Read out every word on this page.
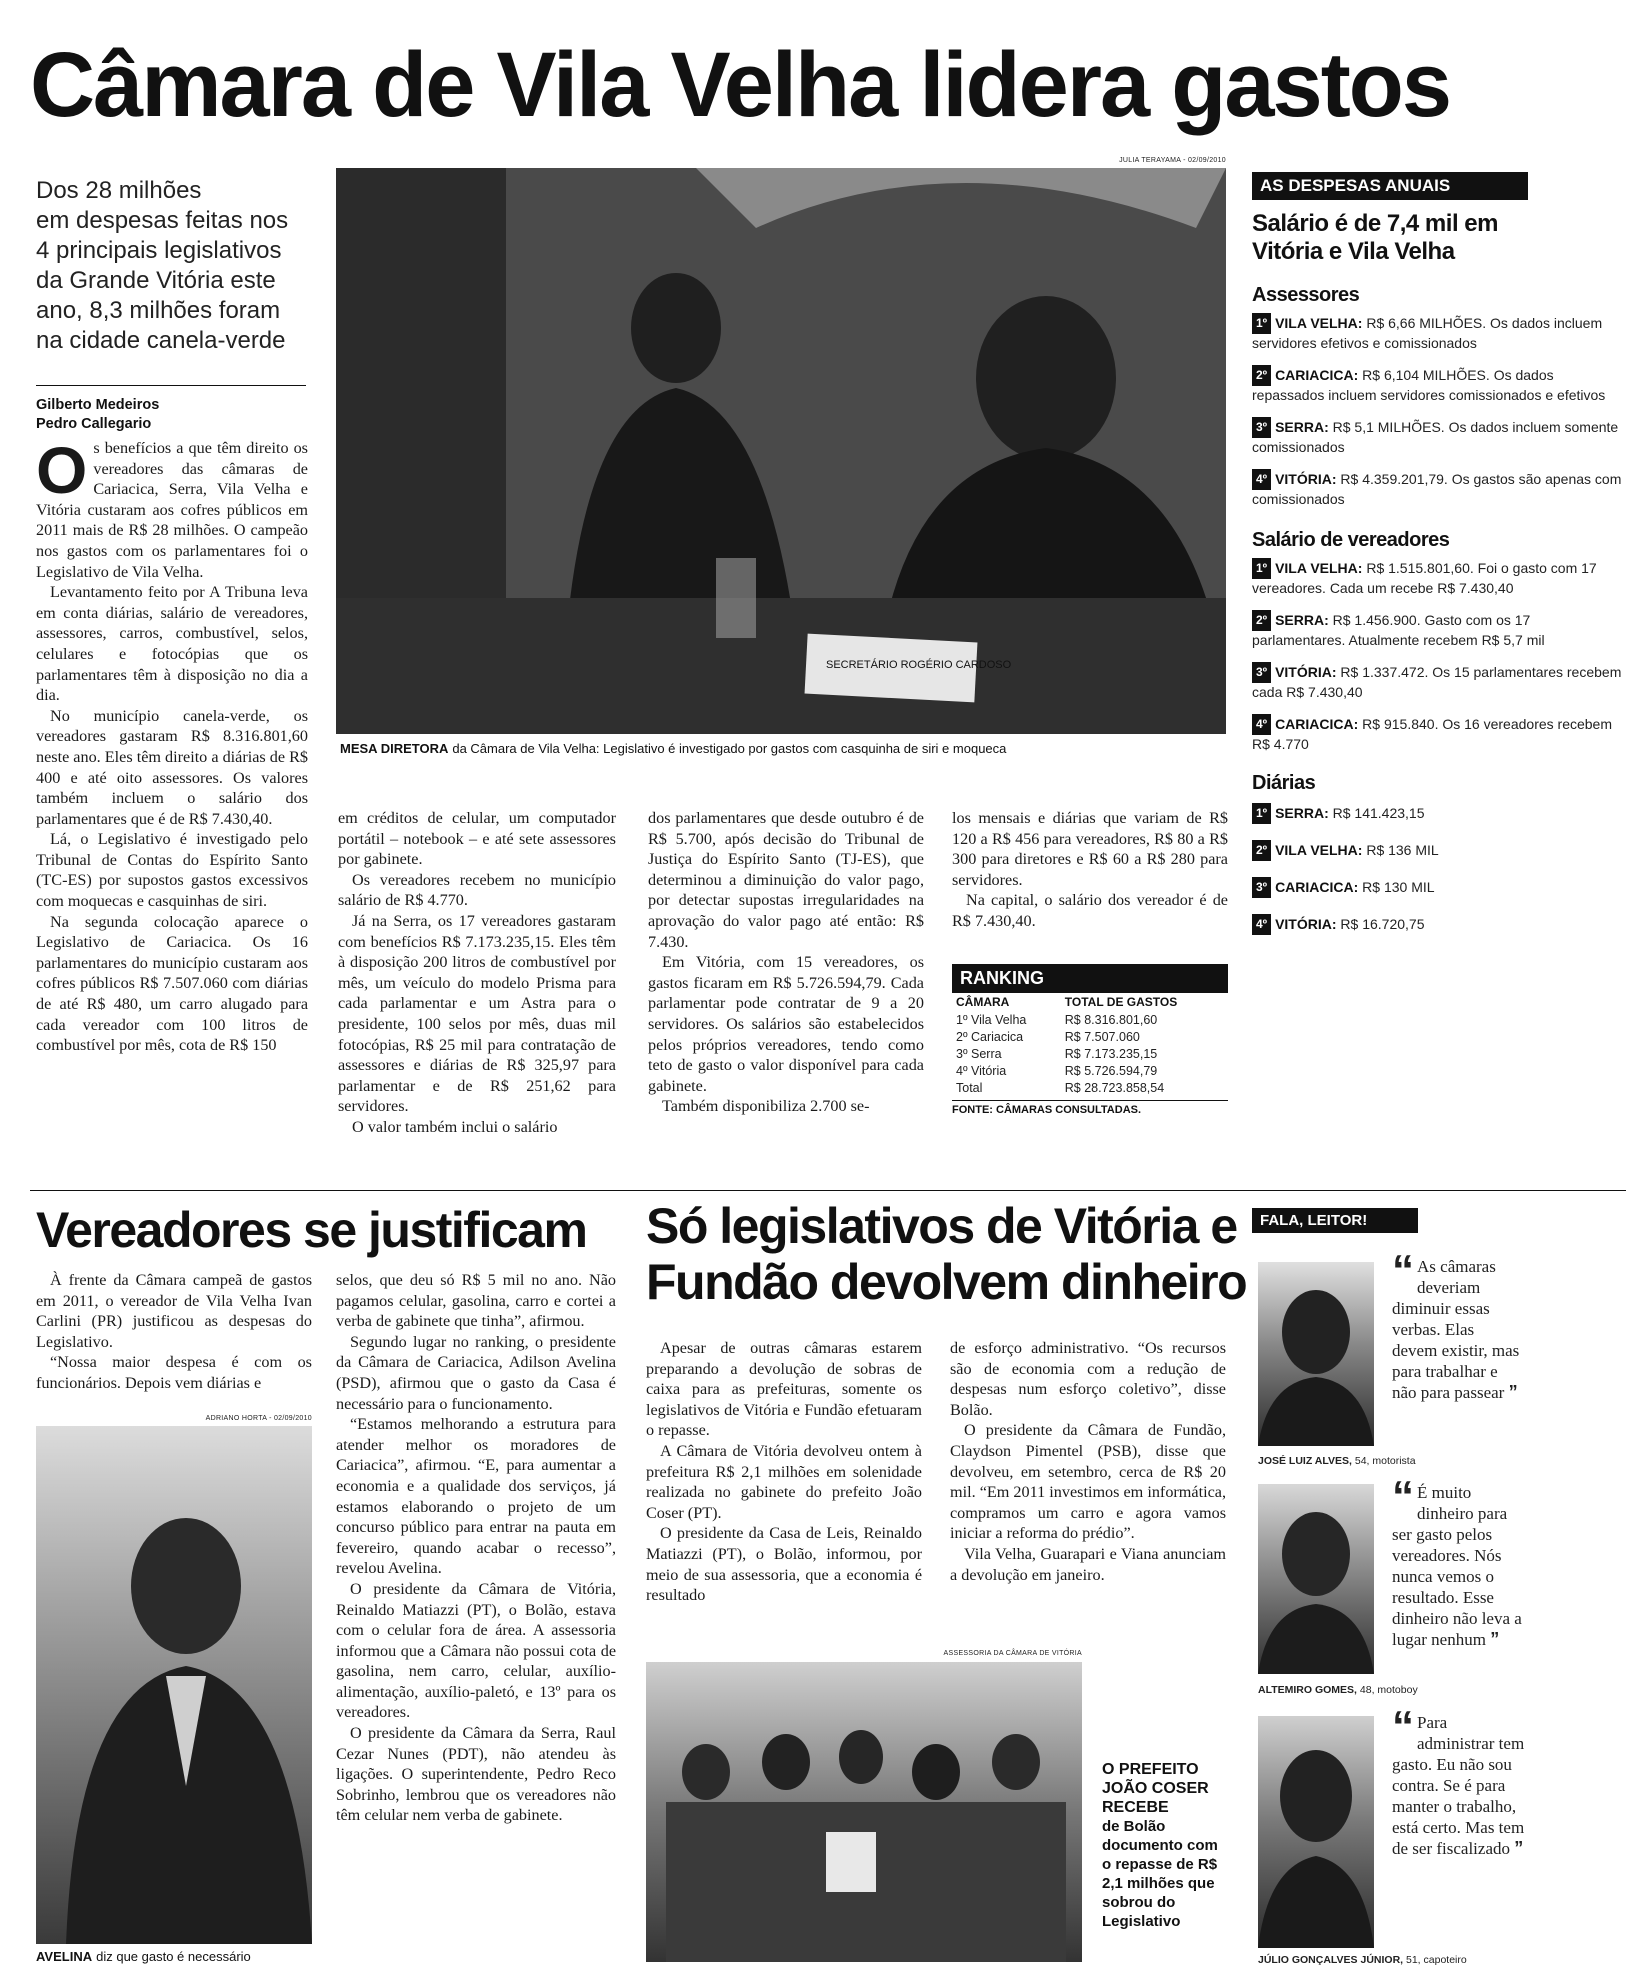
Câmara de Vila Velha lidera gastos
Dos 28 milhões
em despesas feitas nos
4 principais legislativos
da Grande Vitória este
ano, 8,3 milhões foram
na cidade canela-verde
Gilberto Medeiros
Pedro Callegario

Os benefícios a que têm direito os vereadores das câmaras de Cariacica, Serra, Vila Velha e Vitória custaram aos cofres públicos em 2011 mais de R$ 28 milhões. O campeão nos gastos com os parlamentares foi o Legislativo de Vila Velha.

Levantamento feito por A Tribuna leva em conta diárias, salário de vereadores, assessores, carros, combustível, selos, celulares e fotocópias que os parlamentares têm à disposição no dia a dia.

No município canela-verde, os vereadores gastaram R$ 8.316.801,60 neste ano. Eles têm direito a diárias de R$ 400 e até oito assessores. Os valores também incluem o salário dos parlamentares que é de R$ 7.430,40.

Lá, o Legislativo é investigado pelo Tribunal de Contas do Espírito Santo (TC-ES) por supostos gastos excessivos com moquecas e casquinhas de siri.

Na segunda colocação aparece o Legislativo de Cariacica. Os 16 parlamentares do município custaram aos cofres públicos R$ 7.507.060 com diárias de até R$ 480, um carro alugado para cada vereador com 100 litros de combustível por mês, cota de R$ 150

JULIA TERAYAMA - 02/09/2010
SECRETÁRIO ROGÉRIO CARDOSO
MESA DIRETORA da Câmara de Vila Velha: Legislativo é investigado por gastos com casquinha de siri e moqueca

em créditos de celular, um computador portátil – notebook – e até sete assessores por gabinete.

Os vereadores recebem no município salário de R$ 4.770.

Já na Serra, os 17 vereadores gastaram com benefícios R$ 7.173.235,15. Eles têm à disposição 200 litros de combustível por mês, um veículo do modelo Prisma para cada parlamentar e um Astra para o presidente, 100 selos por mês, duas mil fotocópias, R$ 25 mil para contratação de assessores e diárias de R$ 325,97 para parlamentar e de R$ 251,62 para servidores.

O valor também inclui o salário

dos parlamentares que desde outubro é de R$ 5.700, após decisão do Tribunal de Justiça do Espírito Santo (TJ-ES), que determinou a diminuição do valor pago, por detectar supostas irregularidades na aprovação do valor pago até então: R$ 7.430.

Em Vitória, com 15 vereadores, os gastos ficaram em R$ 5.726.594,79. Cada parlamentar pode contratar de 9 a 20 servidores. Os salários são estabelecidos pelos próprios vereadores, tendo como teto de gasto o valor disponível para cada gabinete.

Também disponibiliza 2.700 se-

los mensais e diárias que variam de R$ 120 a R$ 456 para vereadores, R$ 80 a R$ 300 para diretores e R$ 60 a R$ 280 para servidores.

Na capital, o salário dos vereador é de R$ 7.430,40.

RANKING
CÂMARA	TOTAL DE GASTOS
1º Vila Velha	R$ 8.316.801,60
2º Cariacica	R$ 7.507.060
3º Serra	R$ 7.173.235,15
4º Vitória	R$ 5.726.594,79
Total	R$ 28.723.858,54
FONTE: CÂMARAS CONSULTADAS.
AS DESPESAS ANUAIS
Salário é de 7,4 mil em Vitória e Vila Velha
Assessores
1º VILA VELHA: R$ 6,66 MILHÕES. Os dados incluem servidores efetivos e comissionados
2º CARIACICA: R$ 6,104 MILHÕES. Os dados repassados incluem servidores comissionados e efetivos
3º SERRA: R$ 5,1 MILHÕES. Os dados incluem somente comissionados
4º VITÓRIA: R$ 4.359.201,79. Os gastos são apenas com comissionados
Salário de vereadores
1º VILA VELHA: R$ 1.515.801,60. Foi o gasto com 17 vereadores. Cada um recebe R$ 7.430,40
2º SERRA: R$ 1.456.900. Gasto com os 17 parlamentares. Atualmente recebem R$ 5,7 mil
3º VITÓRIA: R$ 1.337.472. Os 15 parlamentares recebem cada R$ 7.430,40
4º CARIACICA: R$ 915.840. Os 16 vereadores recebem R$ 4.770
Diárias
1º SERRA: R$ 141.423,15
2º VILA VELHA: R$ 136 MIL
3º CARIACICA: R$ 130 MIL
4º VITÓRIA: R$ 16.720,75
Vereadores se justificam

À frente da Câmara campeã de gastos em 2011, o vereador de Vila Velha Ivan Carlini (PR) justificou as despesas do Legislativo.

“Nossa maior despesa é com os funcionários. Depois vem diárias e

ADRIANO HORTA - 02/09/2010
AVELINA diz que gasto é necessário

selos, que deu só R$ 5 mil no ano. Não pagamos celular, gasolina, carro e cortei a verba de gabinete que tinha”, afirmou.

Segundo lugar no ranking, o presidente da Câmara de Cariacica, Adilson Avelina (PSD), afirmou que o gasto da Casa é necessário para o funcionamento.

“Estamos melhorando a estrutura para atender melhor os moradores de Cariacica”, afirmou. “E, para aumentar a economia e a qualidade dos serviços, já estamos elaborando o projeto de um concurso público para entrar na pauta em fevereiro, quando acabar o recesso”, revelou Avelina.

O presidente da Câmara de Vitória, Reinaldo Matiazzi (PT), o Bolão, estava com o celular fora de área. A assessoria informou que a Câmara não possui cota de gasolina, nem carro, celular, auxílio-alimentação, auxílio-paletó, e 13º para os vereadores.

O presidente da Câmara da Serra, Raul Cezar Nunes (PDT), não atendeu às ligações. O superintendente, Pedro Reco Sobrinho, lembrou que os vereadores não têm celular nem verba de gabinete.

Só legislativos de Vitória e
Fundão devolvem dinheiro

Apesar de outras câmaras estarem preparando a devolução de sobras de caixa para as prefeituras, somente os legislativos de Vitória e Fundão efetuaram o repasse.

A Câmara de Vitória devolveu ontem à prefeitura R$ 2,1 milhões em solenidade realizada no gabinete do prefeito João Coser (PT).

O presidente da Casa de Leis, Reinaldo Matiazzi (PT), o Bolão, informou, por meio de sua assessoria, que a economia é resultado

de esforço administrativo. “Os recursos são de economia com a redução de despesas num esforço coletivo”, disse Bolão.

O presidente da Câmara de Fundão, Claydson Pimentel (PSB), disse que devolveu, em setembro, cerca de R$ 20 mil. “Em 2011 investimos em informática, compramos um carro e agora vamos iniciar a reforma do prédio”.

Vila Velha, Guarapari e Viana anunciam a devolução em janeiro.

ASSESSORIA DA CÂMARA DE VITÓRIA
O PREFEITO JOÃO COSER RECEBE
de Bolão documento com o repasse de R$ 2,1 milhões que sobrou do Legislativo
FALA, LEITOR!
“ As câmaras deveriam diminuir essas verbas. Elas devem existir, mas para trabalhar e não para passear ”
JOSÉ LUIZ ALVES, 54, motorista
“ É muito dinheiro para ser gasto pelos vereadores. Nós nunca vemos o resultado. Esse dinheiro não leva a lugar nenhum ”
ALTEMIRO GOMES, 48, motoboy
“ Para administrar tem gasto. Eu não sou contra. Se é para manter o trabalho, está certo. Mas tem de ser fiscalizado ”
JÚLIO GONÇALVES JÚNIOR, 51, capoteiro
